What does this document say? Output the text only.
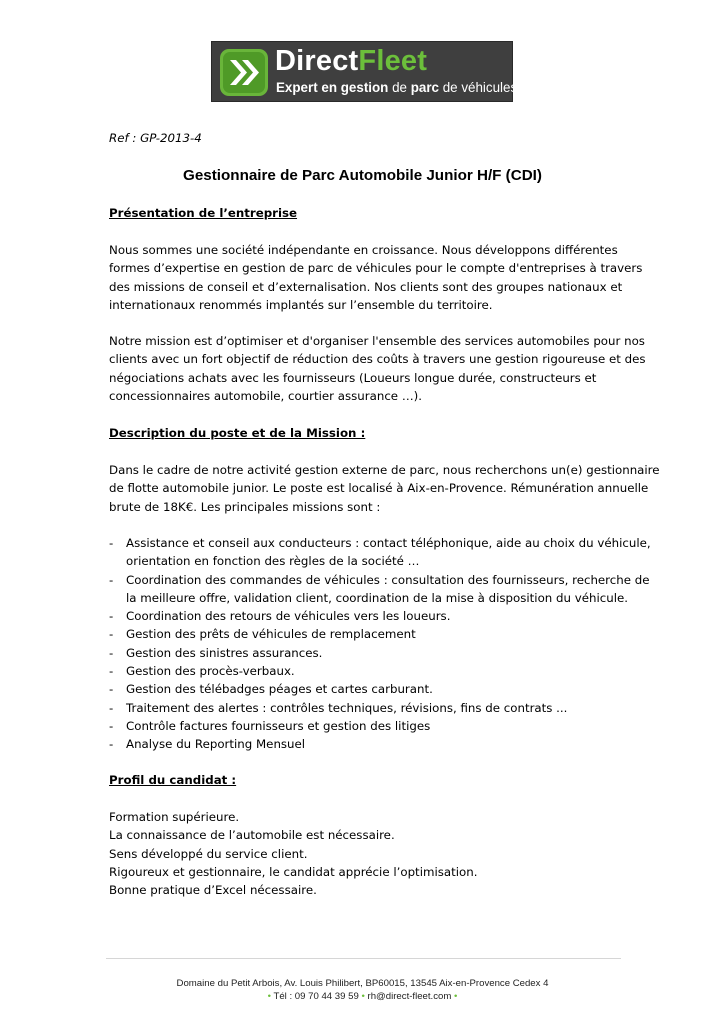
DirectFleet
Expert en gestion de parc de véhicules
Ref : GP-2013-4
Gestionnaire de Parc Automobile Junior H/F (CDI)
Présentation de l’entreprise
Nous sommes une société indépendante en croissance. Nous développons différentes
formes d’expertise en gestion de parc de véhicules pour le compte d'entreprises à travers
des missions de conseil et d’externalisation. Nos clients sont des groupes nationaux et
internationaux renommés implantés sur l’ensemble du territoire.
Notre mission est d’optimiser et d'organiser l'ensemble des services automobiles pour nos
clients avec un fort objectif de réduction des coûts à travers une gestion rigoureuse et des
négociations achats avec les fournisseurs (Loueurs longue durée, constructeurs et
concessionnaires automobile, courtier assurance …).
Description du poste et de la Mission :
Dans le cadre de notre activité gestion externe de parc, nous recherchons un(e) gestionnaire
de flotte automobile junior. Le poste est localisé à Aix-en-Provence. Rémunération annuelle
brute de 18K€. Les principales missions sont :
- Assistance et conseil aux conducteurs : contact téléphonique, aide au choix du véhicule,
orientation en fonction des règles de la société …
- Coordination des commandes de véhicules : consultation des fournisseurs, recherche de
la meilleure offre, validation client, coordination de la mise à disposition du véhicule.
- Coordination des retours de véhicules vers les loueurs.
- Gestion des prêts de véhicules de remplacement
- Gestion des sinistres assurances.
- Gestion des procès-verbaux.
- Gestion des télébadges péages et cartes carburant.
- Traitement des alertes : contrôles techniques, révisions, fins de contrats ...
- Contrôle factures fournisseurs et gestion des litiges
- Analyse du Reporting Mensuel
Profil du candidat :
Formation supérieure.
La connaissance de l’automobile est nécessaire.
Sens développé du service client.
Rigoureux et gestionnaire, le candidat apprécie l’optimisation.
Bonne pratique d’Excel nécessaire.
Domaine du Petit Arbois, Av. Louis Philibert, BP60015, 13545 Aix-en-Provence Cedex 4
• Tél : 09 70 44 39 59 • rh@direct-fleet.com •
